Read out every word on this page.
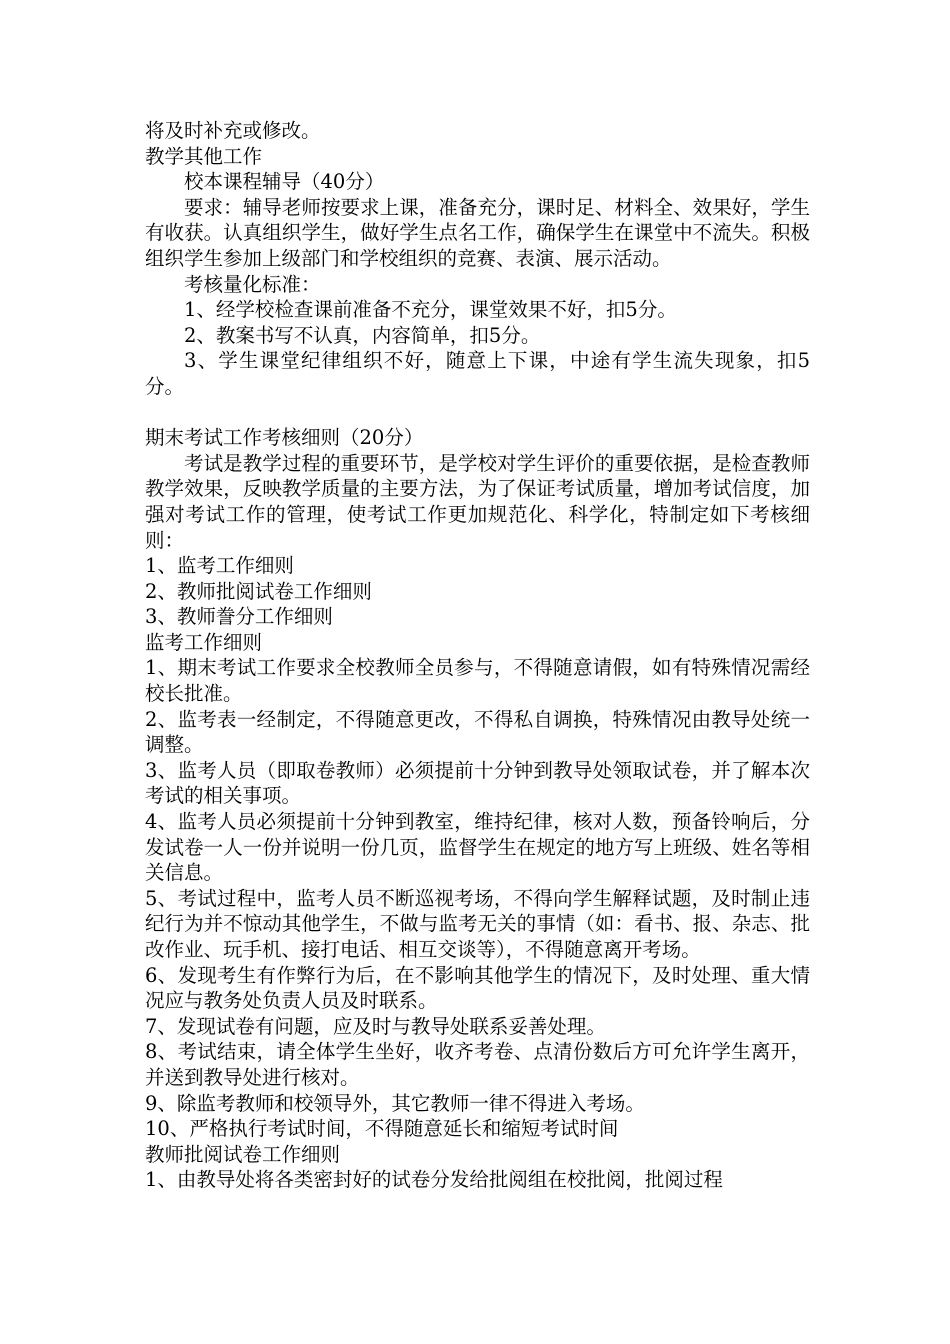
将及时补充或修改。

教学其他工作

校本课程辅导（40分）

要求：辅导老师按要求上课，准备充分，课时足、材料全、效果好，学生有收获。认真组织学生，做好学生点名工作，确保学生在课堂中不流失。积极组织学生参加上级部门和学校组织的竞赛、表演、展示活动。

考核量化标准：

1、经学校检查课前准备不充分，课堂效果不好，扣5分。

2、教案书写不认真，内容简单，扣5分。

3、学生课堂纪律组织不好，随意上下课，中途有学生流失现象，扣5分。

期末考试工作考核细则（20分）

考试是教学过程的重要环节，是学校对学生评价的重要依据，是检查教师教学效果，反映教学质量的主要方法，为了保证考试质量，增加考试信度，加强对考试工作的管理，使考试工作更加规范化、科学化，特制定如下考核细则：

1、监考工作细则

2、教师批阅试卷工作细则

3、教师誊分工作细则

监考工作细则

1、期末考试工作要求全校教师全员参与，不得随意请假，如有特殊情况需经校长批准。

2、监考表一经制定，不得随意更改，不得私自调换，特殊情况由教导处统一调整。

3、监考人员（即取卷教师）必须提前十分钟到教导处领取试卷，并了解本次考试的相关事项。

4、监考人员必须提前十分钟到教室，维持纪律，核对人数，预备铃响后，分发试卷一人一份并说明一份几页，监督学生在规定的地方写上班级、姓名等相关信息。

5、考试过程中，监考人员不断巡视考场，不得向学生解释试题，及时制止违纪行为并不惊动其他学生，不做与监考无关的事情（如：看书、报、杂志、批改作业、玩手机、接打电话、相互交谈等），不得随意离开考场。

6、发现考生有作弊行为后，在不影响其他学生的情况下，及时处理、重大情况应与教务处负责人员及时联系。

7、发现试卷有问题，应及时与教导处联系妥善处理。

8、考试结束，请全体学生坐好，收齐考卷、点清份数后方可允许学生离开，并送到教导处进行核对。

9、除监考教师和校领导外，其它教师一律不得进入考场。

10、严格执行考试时间，不得随意延长和缩短考试时间

教师批阅试卷工作细则

1、由教导处将各类密封好的试卷分发给批阅组在校批阅，批阅过程
